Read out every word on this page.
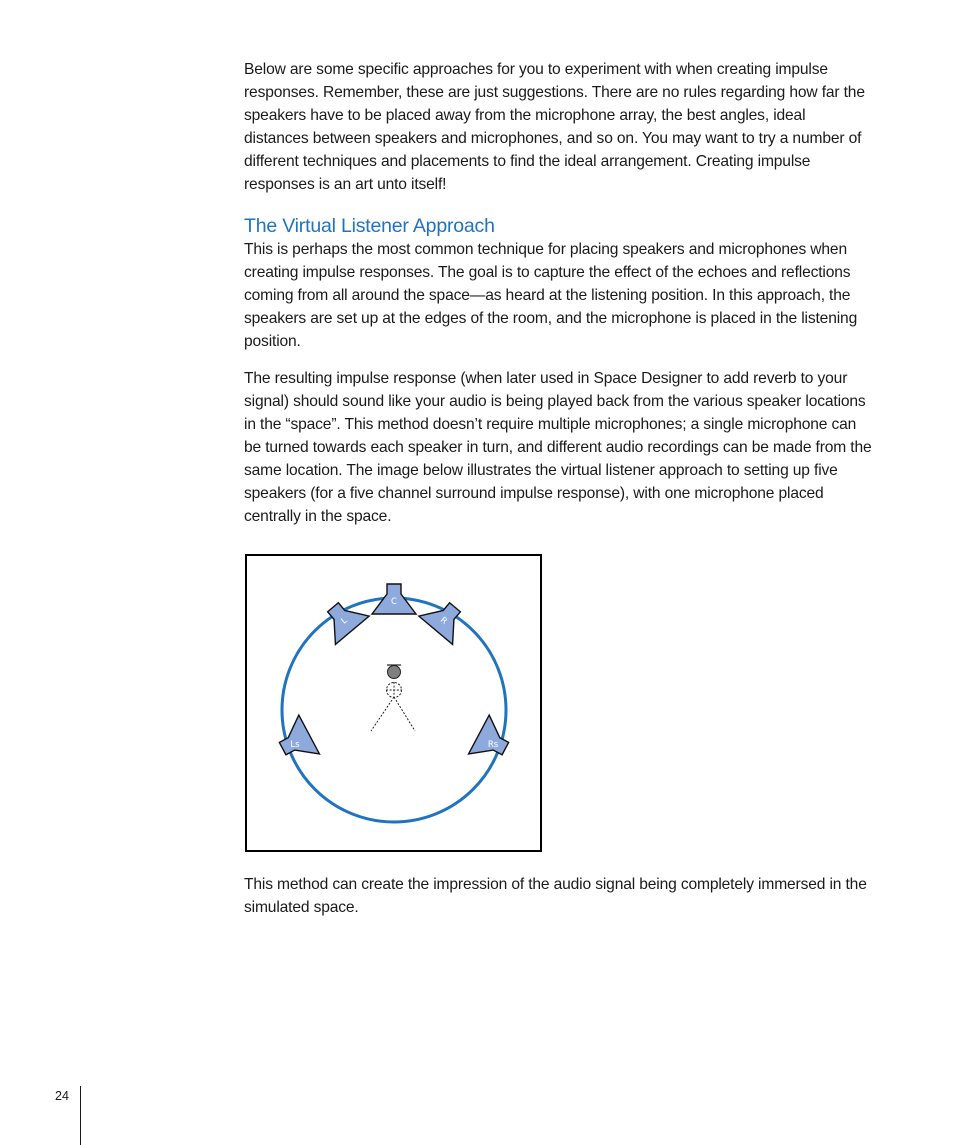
Below are some specific approaches for you to experiment with when creating impulse responses. Remember, these are just suggestions. There are no rules regarding how far the speakers have to be placed away from the microphone array, the best angles, ideal distances between speakers and microphones, and so on. You may want to try a number of different techniques and placements to find the ideal arrangement. Creating impulse responses is an art unto itself!

The Virtual Listener Approach

This is perhaps the most common technique for placing speakers and microphones when creating impulse responses. The goal is to capture the effect of the echoes and reflections coming from all around the space—as heard at the listening position. In this approach, the speakers are set up at the edges of the room, and the microphone is placed in the listening position.

The resulting impulse response (when later used in Space Designer to add reverb to your signal) should sound like your audio is being played back from the various speaker locations in the “space”. This method doesn’t require multiple microphones; a single microphone can be turned towards each speaker in turn, and different audio recordings can be made from the same location. The image below illustrates the virtual listener approach to setting up five speakers (for a five channel surround impulse response), with one microphone placed centrally in the space.

C
L	R
Ls	Rs

This method can create the impression of the audio signal being completely immersed in the simulated space.

24
